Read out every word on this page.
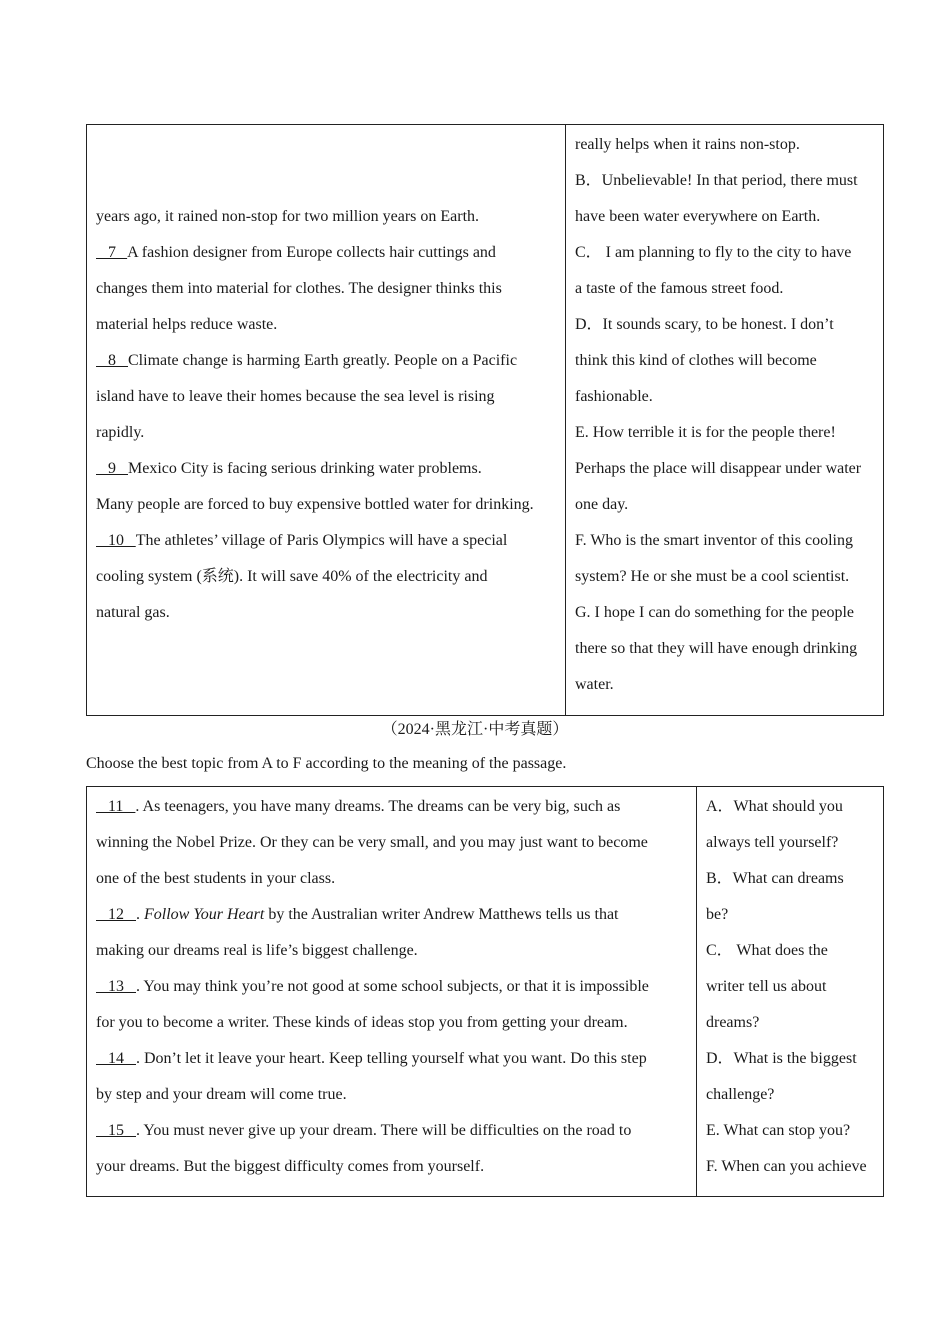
years ago, it rained non-stop for two million years on Earth.
7   A fashion designer from Europe collects hair cuttings and
changes them into material for clothes. The designer thinks this
material helps reduce waste.
8   Climate change is harming Earth greatly. People on a Pacific
island have to leave their homes because the sea level is rising
rapidly.
9   Mexico City is facing serious drinking water problems.
Many people are forced to buy expensive bottled water for drinking.
10   The athletes’ village of Paris Olympics will have a special
cooling system (系统). It will save 40% of the electricity and
natural gas.
really helps when it rains non-stop.
B．Unbelievable! In that period, there must
have been water everywhere on Earth.
C． I am planning to fly to the city to have
a taste of the famous street food.
D．It sounds scary, to be honest. I don’t
think this kind of clothes will become
fashionable.
E. How terrible it is for the people there!
Perhaps the place will disappear under water
one day.
F. Who is the smart inventor of this cooling
system? He or she must be a cool scientist.
G. I hope I can do something for the people
there so that they will have enough drinking
water.
（2024·黑龙江·中考真题）
Choose the best topic from A to F according to the meaning of the passage.
11   . As teenagers, you have many dreams. The dreams can be very big, such as
winning the Nobel Prize. Or they can be very small, and you may just want to become
one of the best students in your class.
12   . Follow Your Heart by the Australian writer Andrew Matthews tells us that
making our dreams real is life’s biggest challenge.
13   . You may think you’re not good at some school subjects, or that it is impossible
for you to become a writer. These kinds of ideas stop you from getting your dream.
14   . Don’t let it leave your heart. Keep telling yourself what you want. Do this step
by step and your dream will come true.
15   . You must never give up your dream. There will be difficulties on the road to
your dreams. But the biggest difficulty comes from yourself.
A．What should you
always tell yourself?
B．What can dreams
be?
C． What does the
writer tell us about
dreams?
D．What is the biggest
challenge?
E. What can stop you?
F. When can you achieve
